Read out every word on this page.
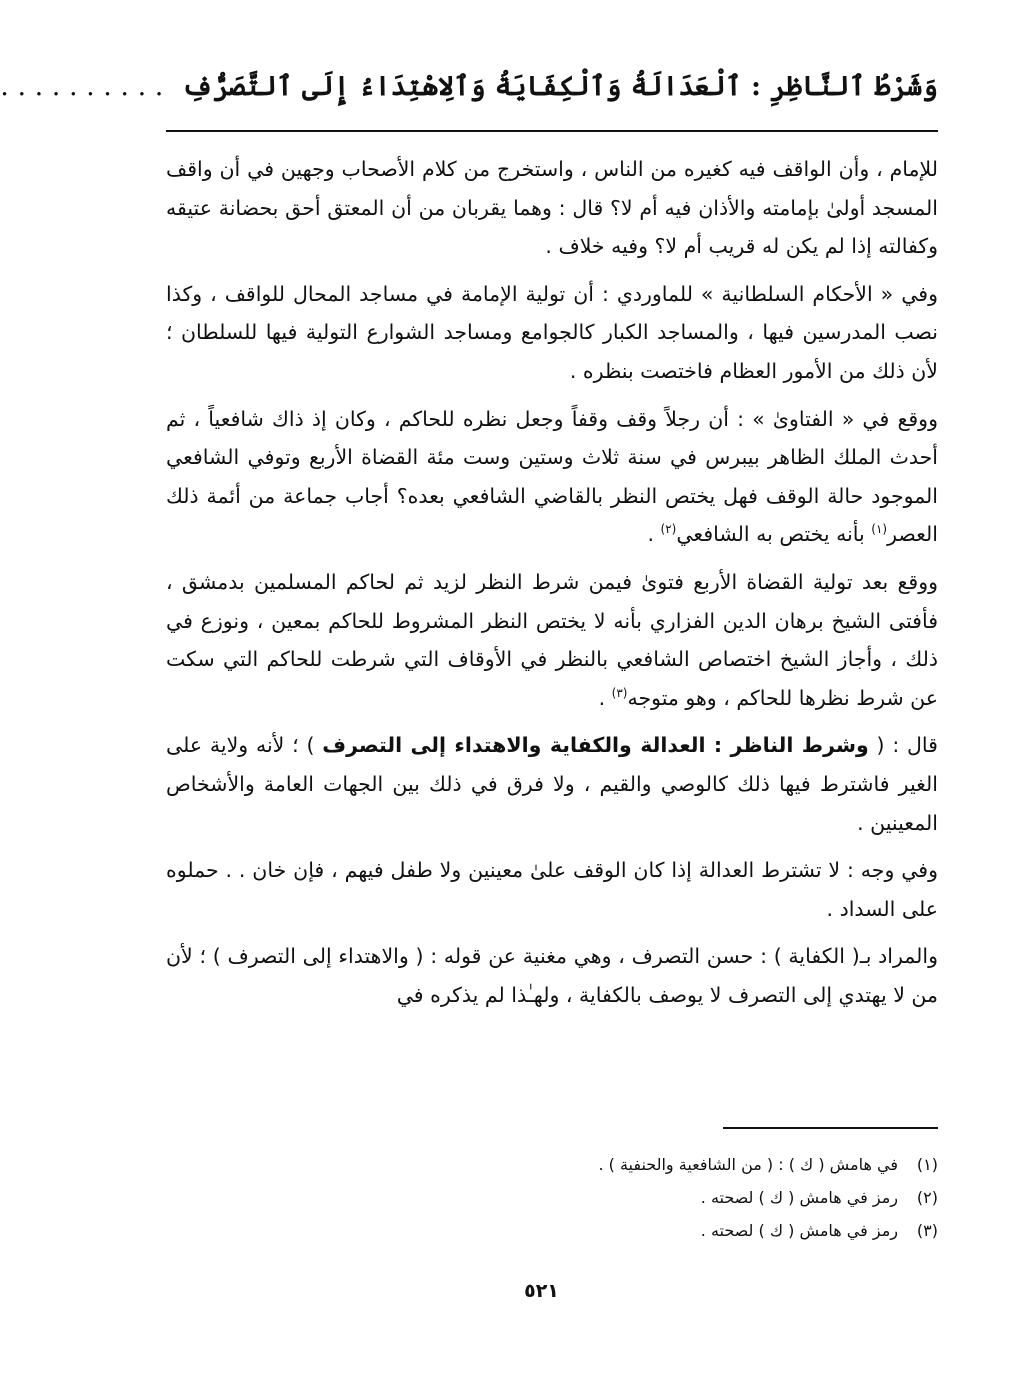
وَشَرْطُ ٱلنَّاظِرِ : ٱلْعَدَالَةُ وَٱلْكِفَايَةُ وَٱلِاهْتِدَاءُ إِلَى ٱلتَّصَرُّفِ . . . . . . . . . .

للإمام ، وأن الواقف فيه كغيره من الناس ، واستخرج من كلام الأصحاب وجهين في أن واقف المسجد أولىٰ بإمامته والأذان فيه أم لا؟ قال : وهما يقربان من أن المعتق أحق بحضانة عتيقه وكفالته إذا لم يكن له قريب أم لا؟ وفيه خلاف .

وفي « الأحكام السلطانية » للماوردي : أن تولية الإمامة في مساجد المحال للواقف ، وكذا نصب المدرسين فيها ، والمساجد الكبار كالجوامع ومساجد الشوارع التولية فيها للسلطان ؛ لأن ذلك من الأمور العظام فاختصت بنظره .

ووقع في « الفتاوىٰ » : أن رجلاً وقف وقفاً وجعل نظره للحاكم ، وكان إذ ذاك شافعياً ، ثم أحدث الملك الظاهر بيبرس في سنة ثلاث وستين وست مئة القضاة الأربع وتوفي الشافعي الموجود حالة الوقف فهل يختص النظر بالقاضي الشافعي بعده؟ أجاب جماعة من أئمة ذلك العصر$^{(١)}$ بأنه يختص به الشافعي$^{(٢)}$ .

ووقع بعد تولية القضاة الأربع فتوىٰ فيمن شرط النظر لزيد ثم لحاكم المسلمين بدمشق ، فأفتى الشيخ برهان الدين الفزاري بأنه لا يختص النظر المشروط للحاكم بمعين ، ونوزع في ذلك ، وأجاز الشيخ اختصاص الشافعي بالنظر في الأوقاف التي شرطت للحاكم التي سكت عن شرط نظرها للحاكم ، وهو متوجه$^{(٣)}$ .

قال : ( وشرط الناظر : العدالة والكفاية والاهتداء إلى التصرف ) ؛ لأنه ولاية على الغير فاشترط فيها ذلك كالوصي والقيم ، ولا فرق في ذلك بين الجهات العامة والأشخاص المعينين .

وفي وجه : لا تشترط العدالة إذا كان الوقف علىٰ معينين ولا طفل فيهم ، فإن خان . . حملوه على السداد .

والمراد بـ( الكفاية ) : حسن التصرف ، وهي مغنية عن قوله : ( والاهتداء إلى التصرف ) ؛ لأن من لا يهتدي إلى التصرف لا يوصف بالكفاية ، ولهـٰذا لم يذكره في

(١)في هامش ( ك ) : ( من الشافعية والحنفية ) .
(٢)رمز في هامش ( ك ) لصحته .
(٣)رمز في هامش ( ك ) لصحته .
٥٢١
